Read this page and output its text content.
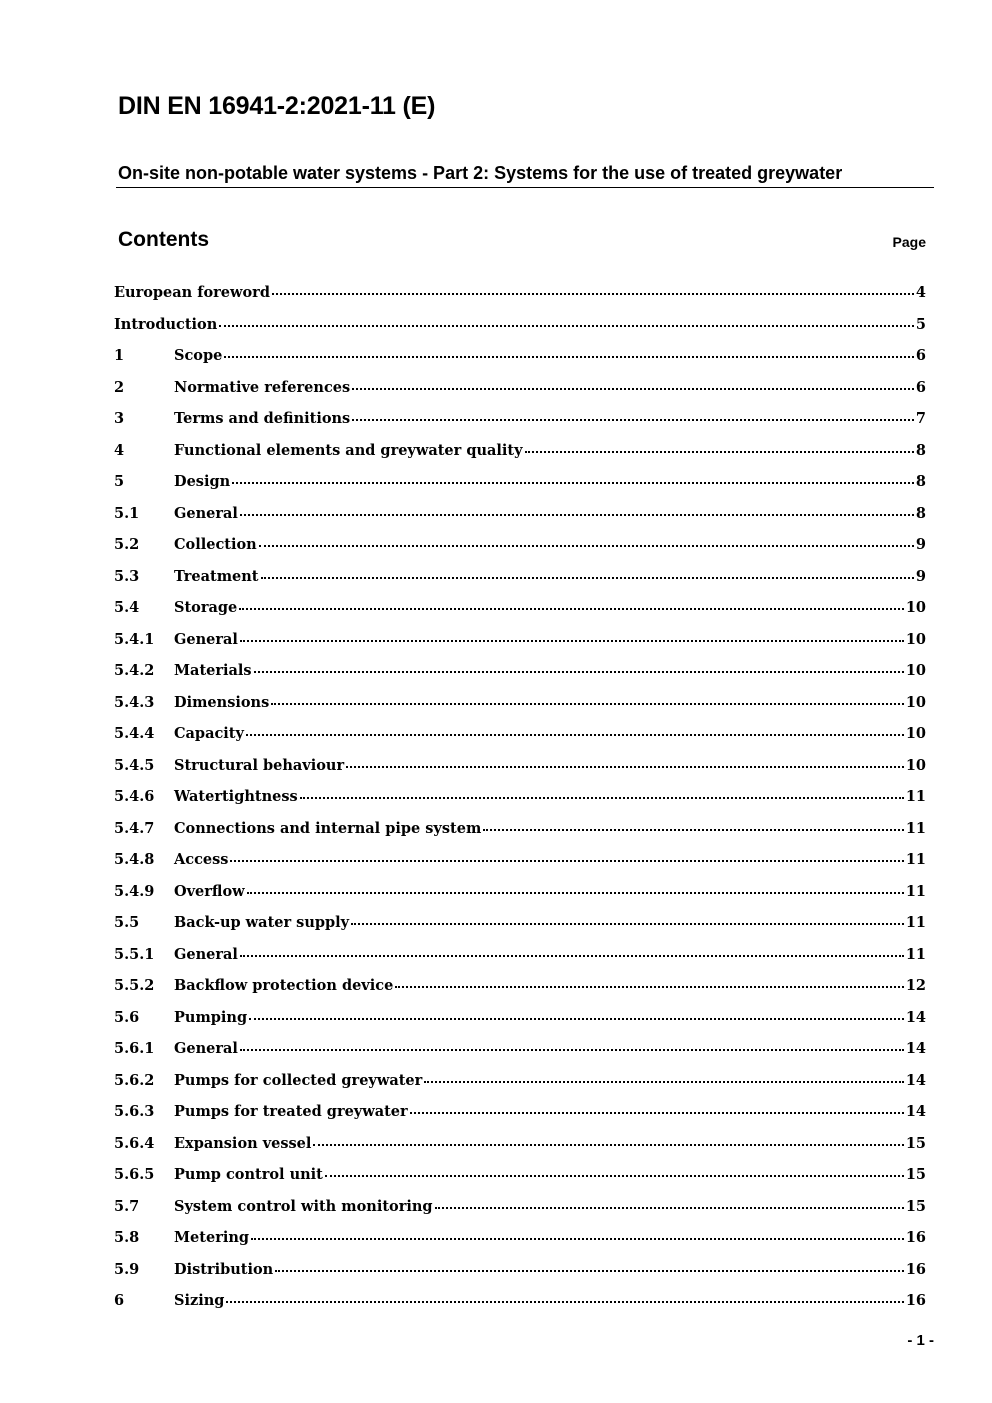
DIN EN 16941-2:2021-11 (E)
On-site non-potable water systems - Part 2: Systems for the use of treated greywater
Contents	Page
European foreword	4
Introduction	5
1	Scope	6
2	Normative references	6
3	Terms and definitions	7
4	Functional elements and greywater quality	8
5	Design	8
5.1	General	8
5.2	Collection	9
5.3	Treatment	9
5.4	Storage	10
5.4.1	General	10
5.4.2	Materials	10
5.4.3	Dimensions	10
5.4.4	Capacity	10
5.4.5	Structural behaviour	10
5.4.6	Watertightness	11
5.4.7	Connections and internal pipe system	11
5.4.8	Access	11
5.4.9	Overflow	11
5.5	Back-up water supply	11
5.5.1	General	11
5.5.2	Backflow protection device	12
5.6	Pumping	14
5.6.1	General	14
5.6.2	Pumps for collected greywater	14
5.6.3	Pumps for treated greywater	14
5.6.4	Expansion vessel	15
5.6.5	Pump control unit	15
5.7	System control with monitoring	15
5.8	Metering	16
5.9	Distribution	16
6	Sizing	16
- 1 -
